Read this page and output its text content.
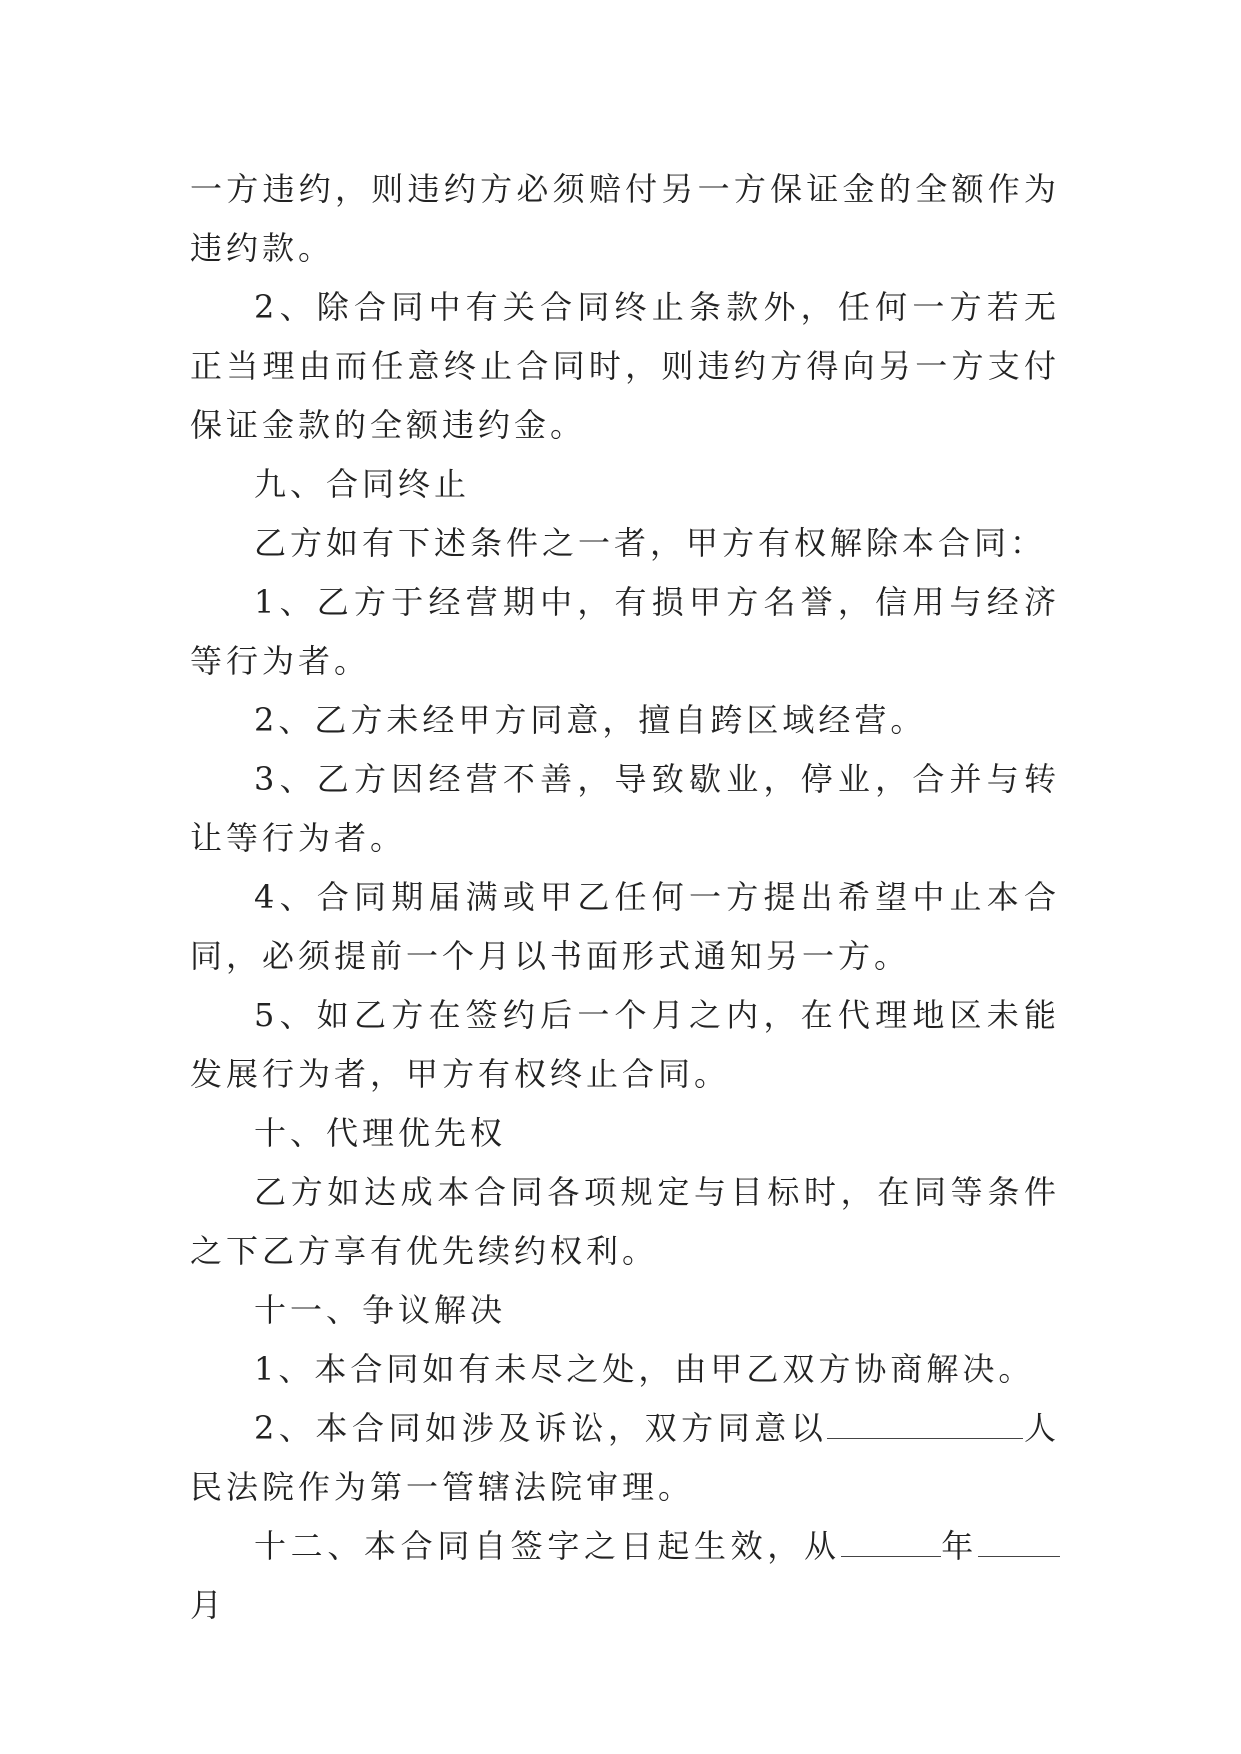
一方违约，则违约方必须赔付另一方保证金的全额作为违约款。

2、除合同中有关合同终止条款外，任何一方若无正当理由而任意终止合同时，则违约方得向另一方支付保证金款的全额违约金。

九、合同终止

乙方如有下述条件之一者，甲方有权解除本合同：

1、乙方于经营期中，有损甲方名誉，信用与经济等行为者。

2、乙方未经甲方同意，擅自跨区域经营。

3、乙方因经营不善，导致歇业，停业，合并与转让等行为者。

4、合同期届满或甲乙任何一方提出希望中止本合同，必须提前一个月以书面形式通知另一方。

5、如乙方在签约后一个月之内，在代理地区未能发展行为者，甲方有权终止合同。

十、代理优先权

乙方如达成本合同各项规定与目标时，在同等条件之下乙方享有优先续约权利。

十一、争议解决

1、本合同如有未尽之处，由甲乙双方协商解决。

2、本合同如涉及诉讼，双方同意以	人民法院作为第一管辖法院审理。

十二、本合同自签字之日起生效，从	年月
